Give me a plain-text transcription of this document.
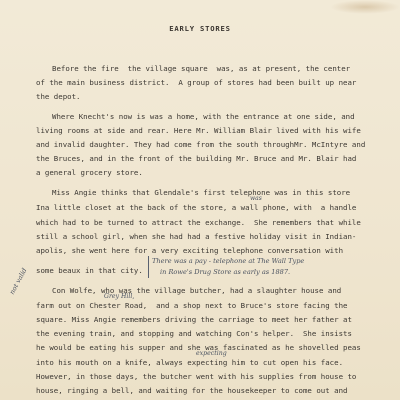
EARLY STORES
Before the fire  the village square  was, as at present, the center
of the main business district.  A group of stores had been built up near
the depot.
Where Knecht's now is was a home, with the entrance at one side, and
living rooms at side and rear. Here Mr. William Blair lived with his wife
and invalid daughter. They had come from the south throughMr. McIntyre and
the Bruces, and in the front of the building Mr. Bruce and Mr. Blair had
a general grocery store.
Miss Angie thinks that Glendale's first telephone was in this store
was
Ina little closet at the back of the store, a wall phone, with  a handle
which had to be turned to attract the exchange.  She remembers that while
still a school girl, when she had had a festive holiday visit in Indian-
apolis, she went here for a very exciting telephone conversation with
some beaux in that city.
There was a pay - telephone at The Wall Type
in Rowe's Drug Store as early as 1887.
not valid	Con Wolfe, who was the village butcher, had a slaughter house and
Grey Hill,
farm out on Chester Road,  and a shop next to Bruce's store facing the
square. Miss Angie remembers driving the carriage to meet her father at
the evening train, and stopping and watching Con's helper.  She insists
he would be eating his supper and she was fascinated as he shovelled peas
expecting
into his mouth on a knife, always expecting him to cut open his face.
However, in those days, the butcher went with his supplies from house to
house, ringing a bell, and waiting for the housekeeper to come out and
